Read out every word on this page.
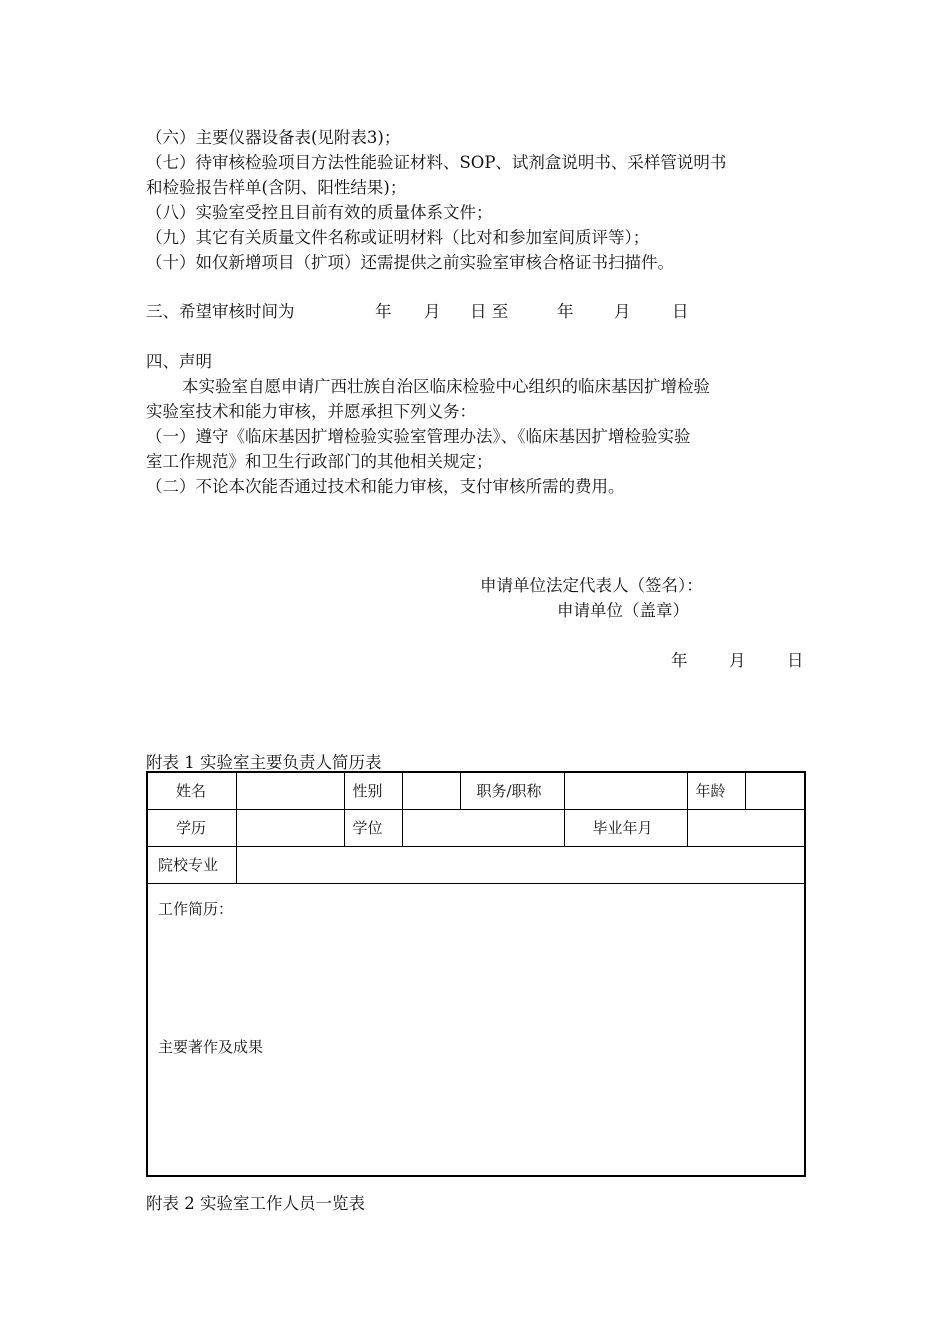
（六）主要仪器设备表(见附表3)；
（七）待审核检验项目方法性能验证材料、SOP、试剂盒说明书、采样管说明书
和检验报告样单(含阴、阳性结果)；
（八）实验室受控且目前有效的质量体系文件；
（九）其它有关质量文件名称或证明材料（比对和参加室间质评等）；
（十）如仅新增项目（扩项）还需提供之前实验室审核合格证书扫描件。
三、希望审核时间为	年 月 日 至	年 月	日
四、声明
本实验室自愿申请广西壮族自治区临床检验中心组织的临床基因扩增检验
实验室技术和能力审核，并愿承担下列义务：
（一）遵守《临床基因扩增检验实验室管理办法》、《临床基因扩增检验实验
室工作规范》和卫生行政部门的其他相关规定；
（二）不论本次能否通过技术和能力审核，支付审核所需的费用。
申请单位法定代表人（签名）：
申请单位（盖章）
年	月	日
附表 1 实验室主要负责人简历表
姓名		性别		职务/职称		年龄	
学历		学位			毕业年月		
院校专业							

工作简历：
主要著作及成果							
附表 2 实验室工作人员一览表
